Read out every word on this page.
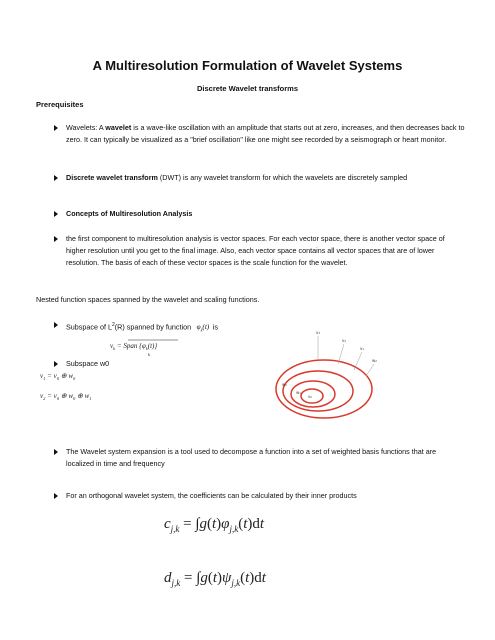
A Multiresolution Formulation of Wavelet Systems
Discrete Wavelet transforms
Prerequisites
Wavelets: A wavelet is a wave-like oscillation with an amplitude that starts out at zero, increases, and then decreases back to zero. It can typically be visualized as a "brief oscillation" like one might see recorded by a seismograph or heart monitor.
Discrete wavelet transform (DWT) is any wavelet transform for which the wavelets are discretely sampled
Concepts of Multiresolution Analysis
the first component to multiresolution analysis is vector spaces. For each vector space, there is another vector space of higher resolution until you get to the final image. Also, each vector space contains all vector spaces that are of lower resolution. The basis of each of these vector spaces is the scale function for the wavelet.
Nested function spaces spanned by the wavelet and scaling functions.
Subspace of $L^2(R)$ spanned by function   $\varphi_k(t)$  is
$v_k$ = Span $\{\varphi_k(t)\}$
k
Subspace w0
$v_1 = v_0$ ⊕ $w_0$
$v_2 = v_0$ ⊕ $w_0$ ⊕ $w_1$
v₃
v₂
v₁
w₀
w₁
w₂
v₀
The Wavelet system expansion is a tool used to decompose a function into a set of weighted basis functions that are localized in time and frequency
For an orthogonal wavelet system, the coefficients can be calculated by their inner products
$c_{j,k} = \int g(t)\varphi_{j,k}(t)dt$
$d_{j,k} = \int g(t)\psi_{j,k}(t)dt$
